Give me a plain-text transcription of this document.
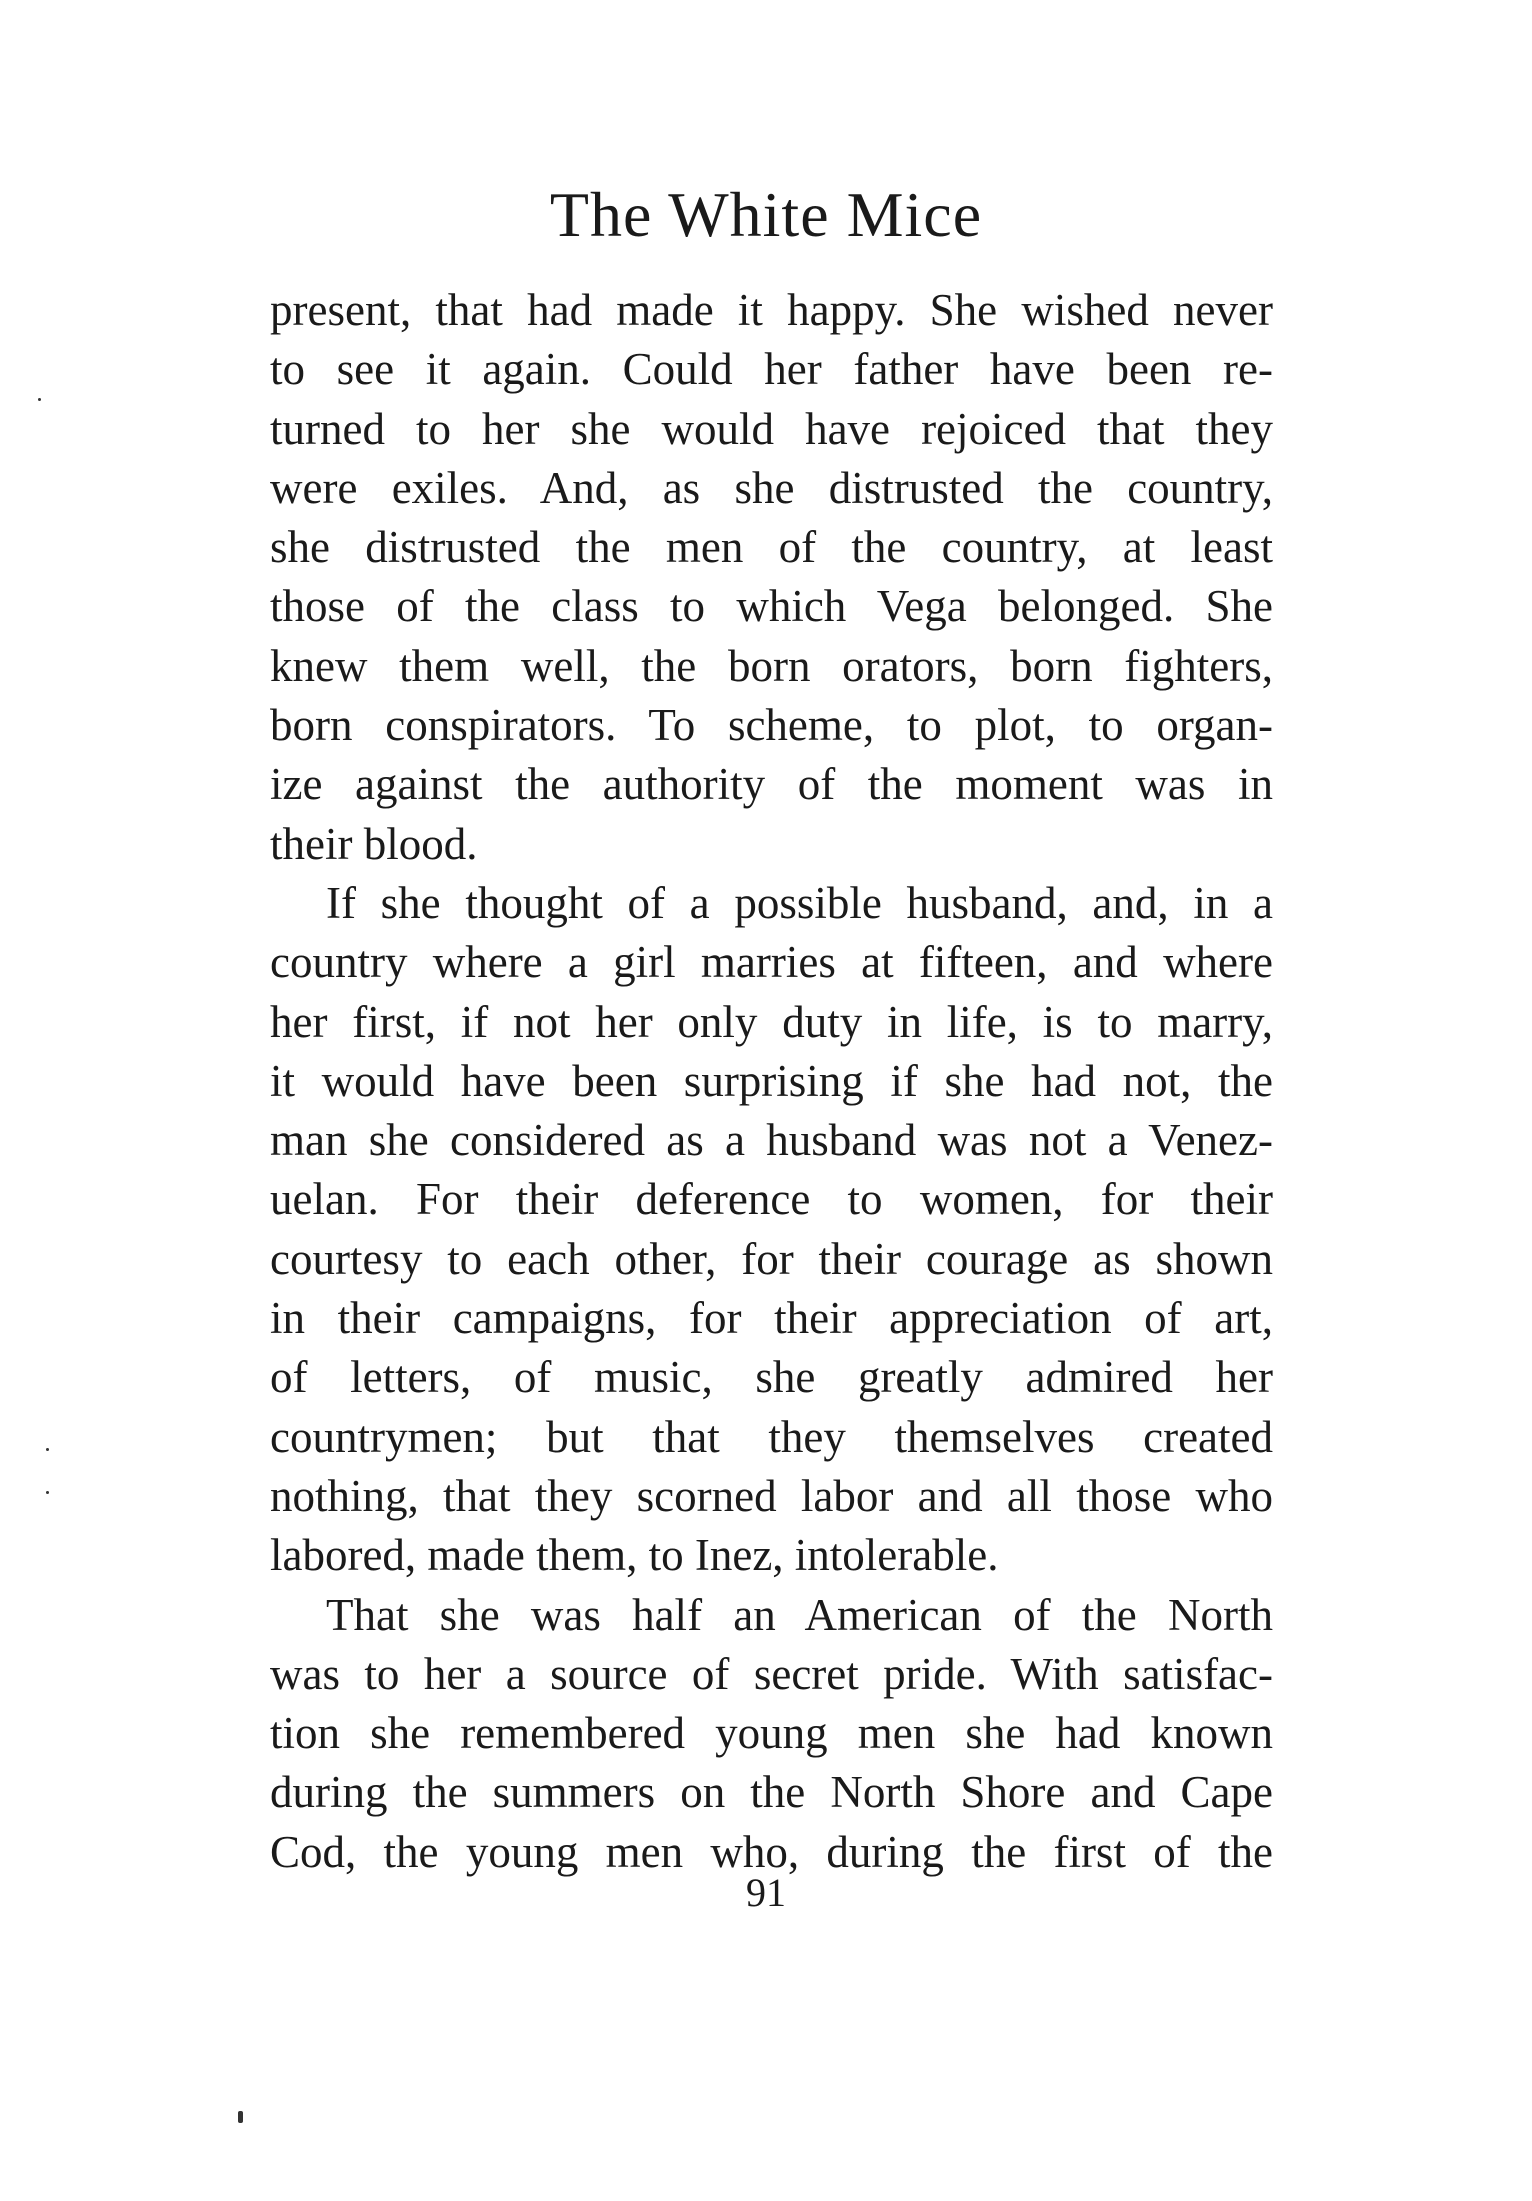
The White Mice
present, that had made it happy. She wished never
to see it again. Could her father have been re-
turned to her she would have rejoiced that they
were exiles. And, as she distrusted the country,
she distrusted the men of the country, at least
those of the class to which Vega belonged. She
knew them well, the born orators, born fighters,
born conspirators. To scheme, to plot, to organ-
ize against the authority of the moment was in
their blood.
If she thought of a possible husband, and, in a
country where a girl marries at fifteen, and where
her first, if not her only duty in life, is to marry,
it would have been surprising if she had not, the
man she considered as a husband was not a Venez-
uelan. For their deference to women, for their
courtesy to each other, for their courage as shown
in their campaigns, for their appreciation of art,
of letters, of music, she greatly admired her
countrymen; but that they themselves created
nothing, that they scorned labor and all those who
labored, made them, to Inez, intolerable.
That she was half an American of the North
was to her a source of secret pride. With satisfac-
tion she remembered young men she had known
during the summers on the North Shore and Cape
Cod, the young men who, during the first of the
91
